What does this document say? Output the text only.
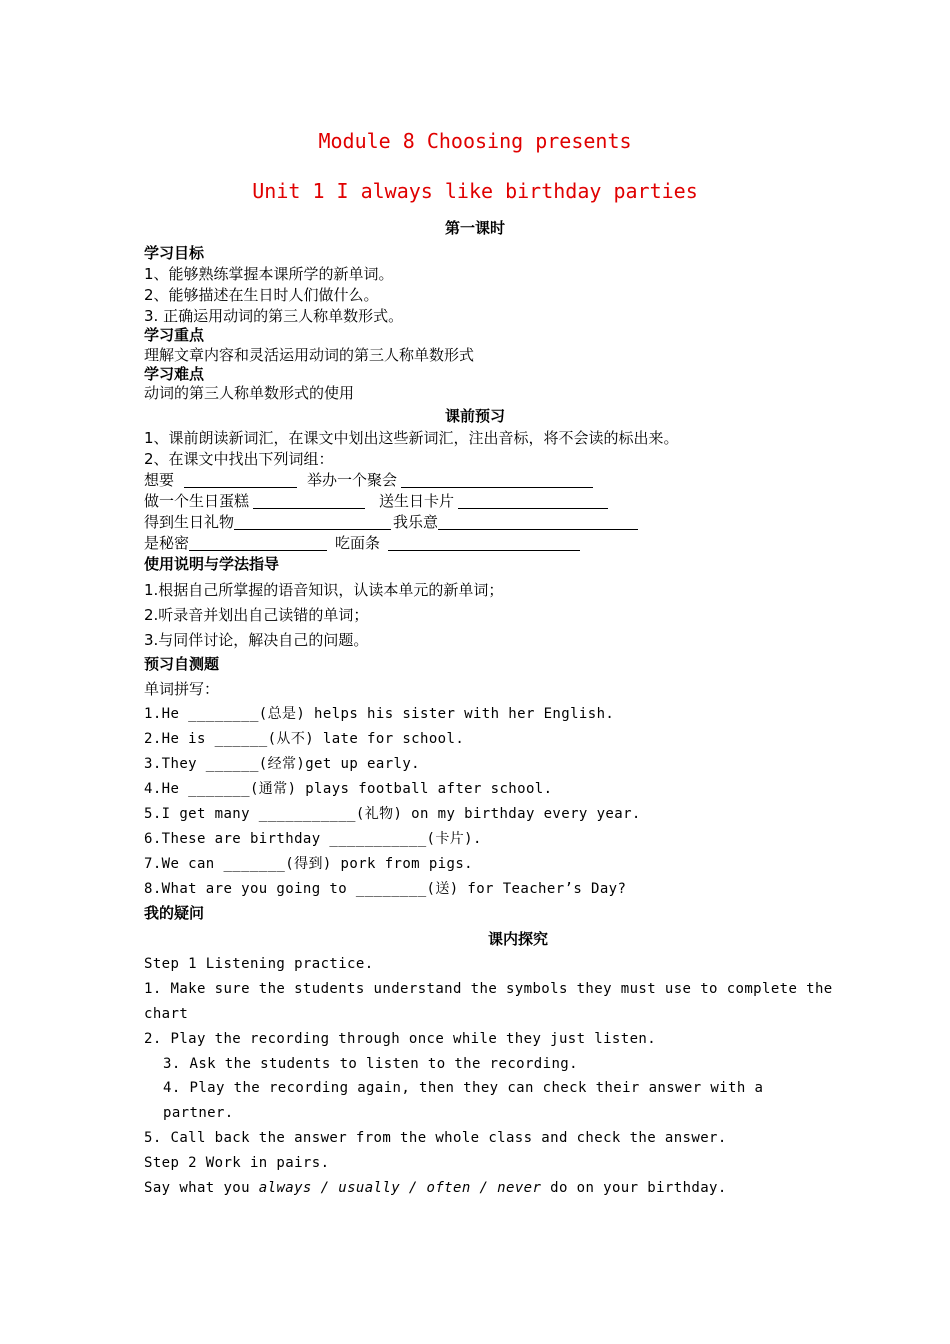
Module 8 Choosing presents
Unit 1 I always like birthday parties
第一课时
学习目标
1、能够熟练掌握本课所学的新单词。
2、能够描述在生日时人们做什么。
3. 正确运用动词的第三人称单数形式。
学习重点
理解文章内容和灵活运用动词的第三人称单数形式
学习难点
动词的第三人称单数形式的使用
课前预习
1、课前朗读新词汇，在课文中划出这些新词汇，注出音标，将不会读的标出来。
2、在课文中找出下列词组：
想要	举办一个聚会
做一个生日蛋糕	送生日卡片
得到生日礼物	我乐意
是秘密	吃面条
使用说明与学法指导
1.根据自己所掌握的语音知识，认读本单元的新单词；
2.听录音并划出自己读错的单词；
3.与同伴讨论，解决自己的问题。
预习自测题
单词拼写：
1.He ________(总是) helps his sister with her English.
2.He is ______(从不) late for school.
3.They ______(经常)get up early.
4.He _______(通常) plays football after school.
5.I get many ___________(礼物) on my birthday every year.
6.These are birthday ___________(卡片).
7.We can _______(得到) pork from pigs.
8.What are you going to ________(送) for Teacher’s Day?
我的疑问
课内探究
Step 1 Listening practice.
1. Make sure the students understand the symbols they must use to complete the
chart
2. Play the recording through once while they just listen.
3. Ask the students to listen to the recording.
4. Play the recording again, then they can check their answer with a
partner.
5. Call back the answer from the whole class and check the answer.
Step 2 Work in pairs.
Say what you always / usually / often / never do on your birthday.
